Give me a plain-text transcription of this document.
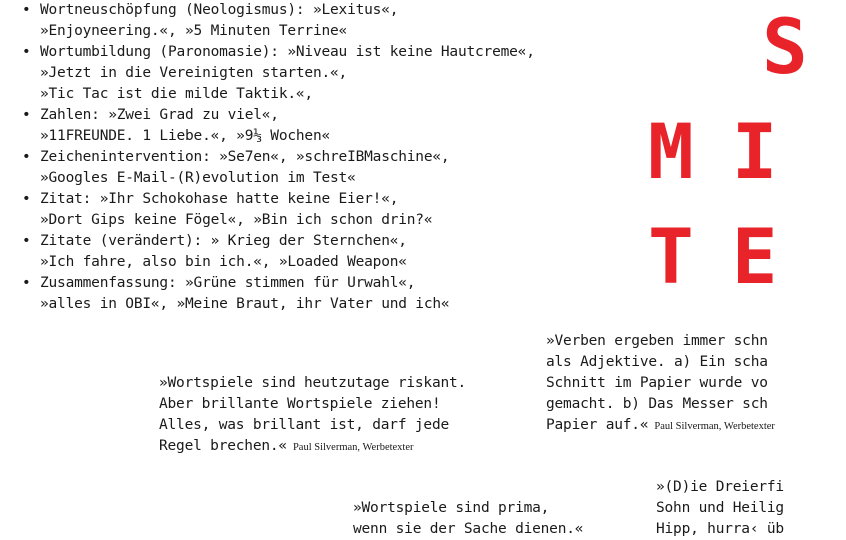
• Wortneuschöpfung (Neologismus): »Lexitus«,
»Enjoyneering.«, »5 Minuten Terrine«
• Wortumbildung (Paronomasie): »Niveau ist keine Hautcreme«,
»Jetzt in die Vereinigten starten.«,
»Tic Tac ist die milde Taktik.«,
• Zahlen: »Zwei Grad zu viel«,
»11FREUNDE. 1 Liebe.«, »9⅓ Wochen«
• Zeichenintervention: »Se7en«, »schreIBMaschine«,
»Googles E-Mail-(R)evolution im Test«
• Zitat: »Ihr Schokohase hatte keine Eier!«,
»Dort Gips keine Fögel«, »Bin ich schon drin?«
• Zitate (verändert): » Krieg der Sternchen«,
»Ich fahre, also bin ich.«, »Loaded Weapon«
• Zusammenfassung: »Grüne stimmen für Urwahl«,
»alles in OBI«, »Meine Braut, ihr Vater und ich«
S
MI
TE
»Wortspiele sind heutzutage riskant.
Aber brillante Wortspiele ziehen!
Alles, was brillant ist, darf jede
Regel brechen.« Paul Silverman, Werbetexter
»Verben ergeben immer schn
als Adjektive. a) Ein scha
Schnitt im Papier wurde vo
gemacht. b) Das Messer sch
Papier auf.« Paul Silverman, Werbetexter
»Wortspiele sind prima,
wenn sie der Sache dienen.«
»(D)ie Dreierfi
Sohn und Heilig
Hipp, hurra‹ üb
